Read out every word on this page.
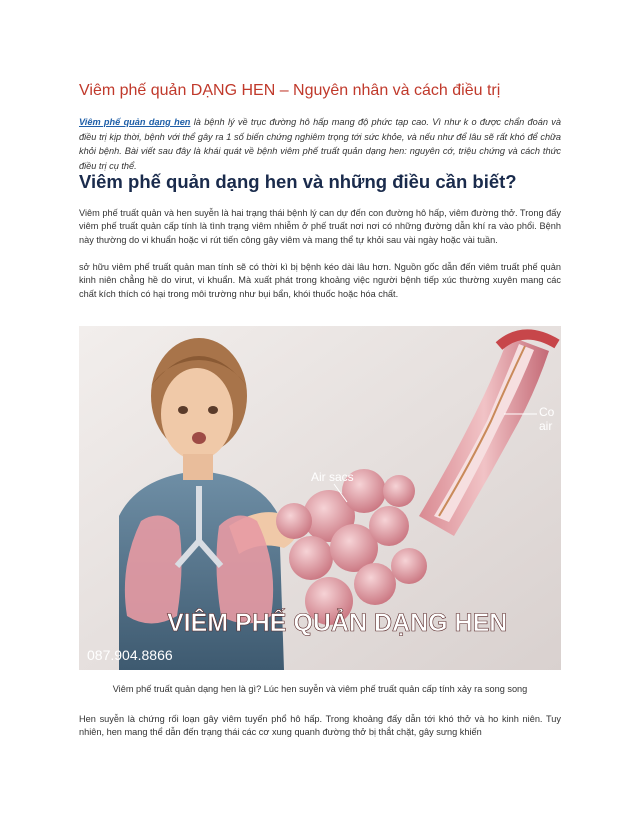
Viêm phế quản DẠNG HEN – Nguyên nhân và cách điều trị
Viêm phế quản dạng hen là bệnh lý về trục đường hô hấp mang độ phức tạp cao. Vì như k o được chẩn đoán và điều trị kịp thời, bệnh với thể gây ra 1 số biến chứng nghiêm trọng tới sức khỏe, và nếu như để lâu sẽ rất khó để chữa khỏi bệnh. Bài viết sau đây là khái quát về bệnh viêm phế truất quản dạng hen: nguyên cớ, triệu chứng và cách thức điều trị cụ thể.
Viêm phế quản dạng hen và những điều cần biết?

Viêm phế truất quản và hen suyễn là hai trạng thái bệnh lý can dự đến con đường hô hấp, viêm đường thở. Trong đấy viêm phế truất quản cấp tính là tình trạng viêm nhiễm ở phế truất nơi nơi có những đường dẫn khí ra vào phổi. Bệnh này thường do vi khuẩn hoặc vi rút tiến công gây viêm và mang thể tự khỏi sau vài ngày hoặc vài tuần.

sở hữu viêm phế truất quản man tính sẽ có thời kì bị bệnh kéo dài lâu hơn. Nguồn gốc dẫn đến viêm truất phế quản kinh niên chẳng hề do virut, vi khuẩn. Mà xuất phát trong khoảng việc người bệnh tiếp xúc thường xuyên mang các chất kích thích có hại trong môi trường như bụi bẩn, khói thuốc hoặc hóa chất.

Air sacs
Co
air
VIÊM PHẾ QUẢN DẠNG HEN
087.904.8866
Viêm phế truất quản dạng hen là gì? Lúc hen suyễn và viêm phế truất quản cấp tính xảy ra song song

Hen suyễn là chứng rối loạn gây viêm tuyến phổ hô hấp. Trong khoảng đấy dẫn tới khó thở và ho kinh niên. Tuy nhiên, hen mang thể dẫn đến trạng thái các cơ xung quanh đường thở bị thắt chặt, gây sưng khiến
